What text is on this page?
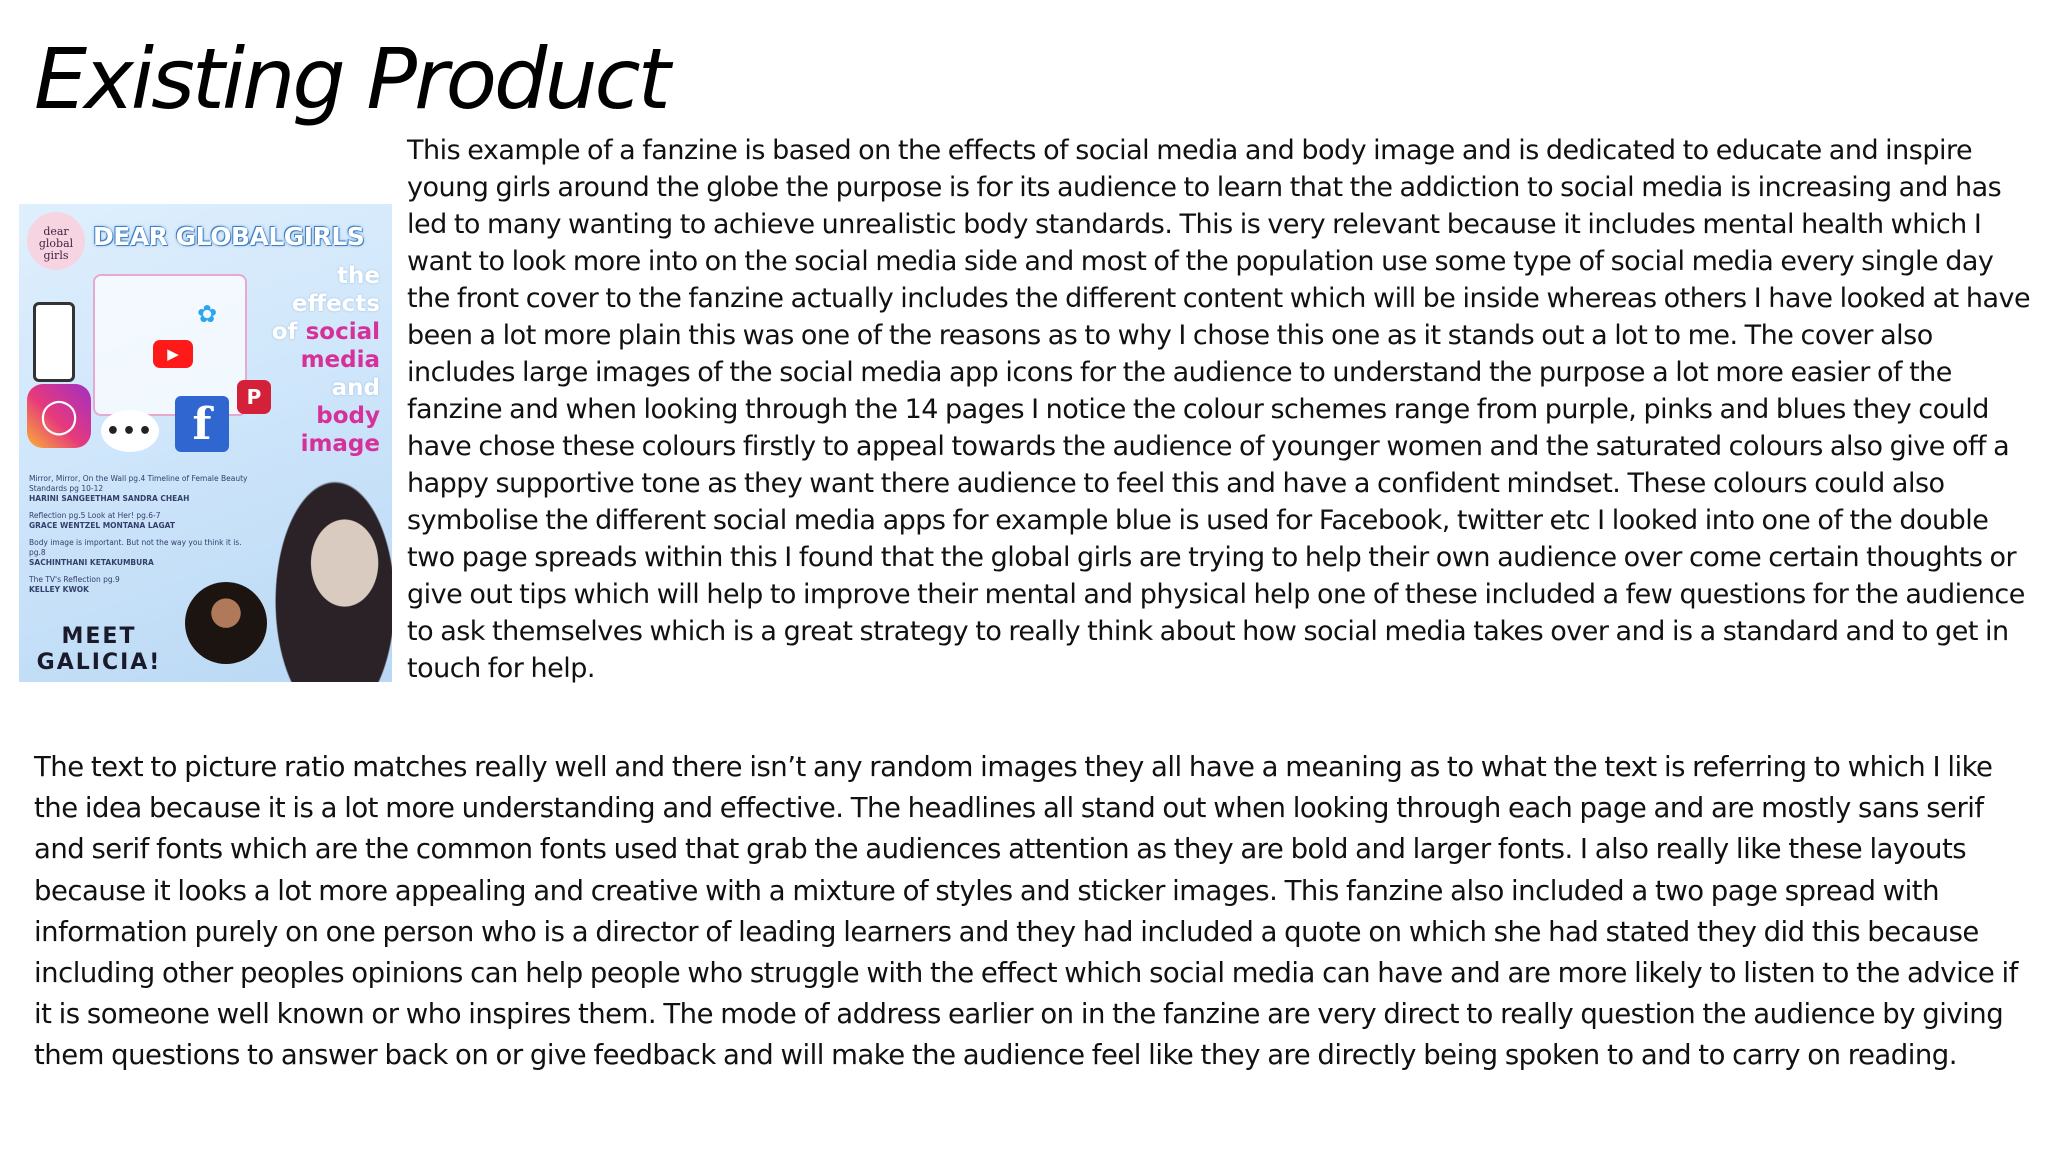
Existing Product
dear global girls
DEAR GLOBALGIRLS
✿
▶
◯	••• f
P
the
effects
of social
media
and
body
image
Mirror, Mirror, On the Wall pg.4 Timeline of Female Beauty Standards pg 10-12
HARINI SANGEETHAM SANDRA CHEAH
Reflection pg.5 Look at Her! pg.6-7
GRACE WENTZEL MONTANA LAGAT
Body image is important. But not the way you think it is. pg.8
SACHINTHANI KETAKUMBURA
The TV's Reflection pg.9
KELLEY KWOK
MEET GALICIA!

This example of a fanzine is based on the effects of social media and body image and is dedicated to educate and inspire young girls around the globe the purpose is for its audience to learn that the addiction to social media is increasing and has led to many wanting to achieve unrealistic body standards. This is very relevant because it includes mental health which I want to look more into on the social media side and most of the population use some type of social media every single day the front cover to the fanzine actually includes the different content which will be inside whereas others I have looked at have been a lot more plain this was one of the reasons as to why I chose this one as it stands out a lot to me. The cover also includes large images of the social media app icons for the audience to understand the purpose a lot more easier of the fanzine and when looking through the 14 pages I notice the colour schemes range from purple, pinks and blues they could have chose these colours firstly to appeal towards the audience of younger women and the saturated colours also give off a happy supportive tone as they want there audience to feel this and have a confident mindset. These colours could also symbolise the different social media apps for example blue is used for Facebook, twitter etc I looked into one of the double two page spreads within this I found that the global girls are trying to help their own audience over come certain thoughts or give out tips which will help to improve their mental and physical help one of these included a few questions for the audience to ask themselves which is a great strategy to really think about how social media takes over and is a standard and to get in touch for help.

The text to picture ratio matches really well and there isn’t any random images they all have a meaning as to what the text is referring to which I like the idea because it is a lot more understanding and effective. The headlines all stand out when looking through each page and are mostly sans serif and serif fonts which are the common fonts used that grab the audiences attention as they are bold and larger fonts. I also really like these layouts because it looks a lot more appealing and creative with a mixture of styles and sticker images. This fanzine also included a two page spread with information purely on one person who is a director of leading learners and they had included a quote on which she had stated they did this because including other peoples opinions can help people who struggle with the effect which social media can have and are more likely to listen to the advice if it is someone well known or who inspires them. The mode of address earlier on in the fanzine are very direct to really question the audience by giving them questions to answer back on or give feedback and will make the audience feel like they are directly being spoken to and to carry on reading.
